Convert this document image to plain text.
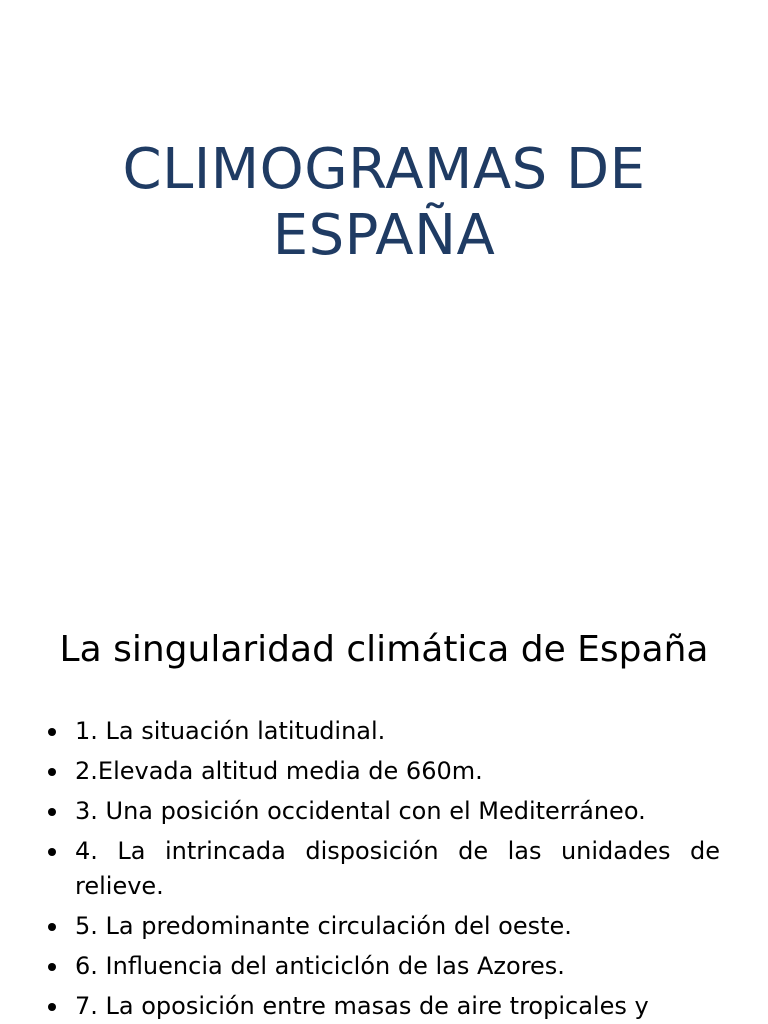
CLIMOGRAMAS DE
ESPAÑA
La singularidad climática de España
1. La situación latitudinal.
2.Elevada altitud media de 660m.
3. Una posición occidental con el Mediterráneo.
4. La intrincada disposición de las unidades de relieve.
5. La predominante circulación del oeste.
6. Influencia del anticiclón de las Azores.
7. La oposición entre masas de aire tropicales y
